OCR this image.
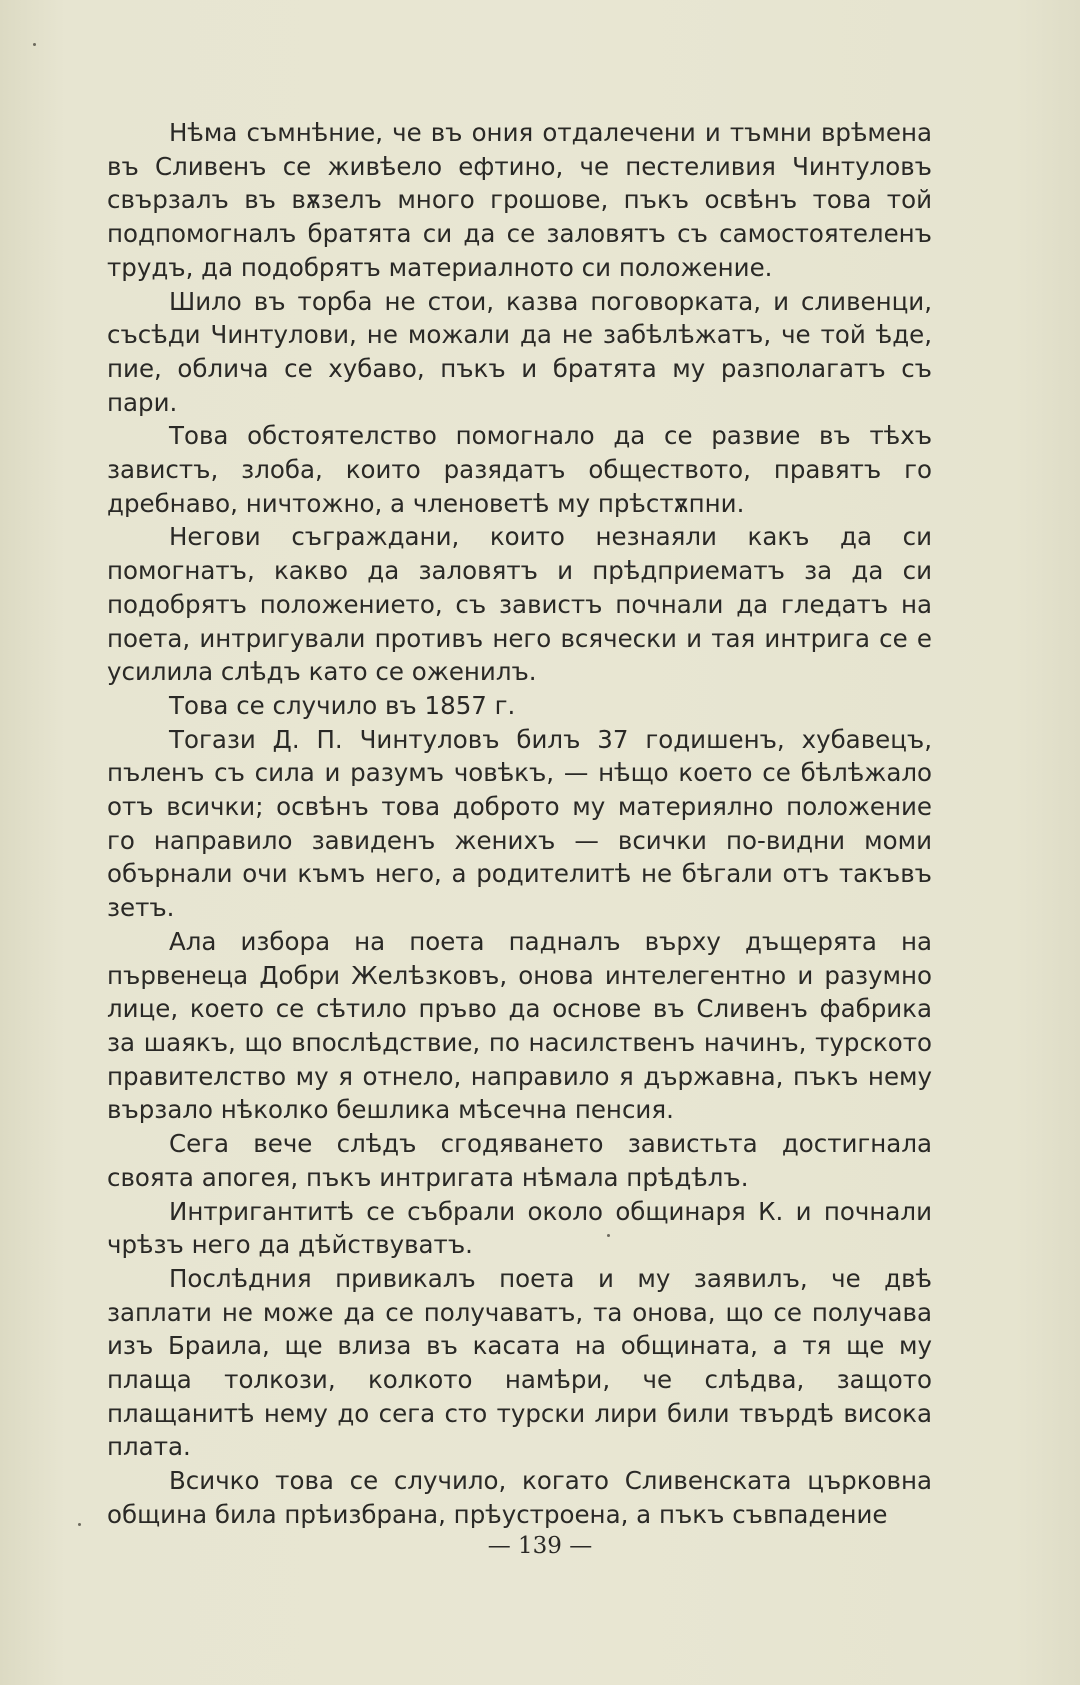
Нѣма съмнѣние, че въ ония отдалечени и тъмни врѣмена въ Сливенъ се живѣело ефтино, че пестеливия Чинтуловъ свързалъ въ вѫзелъ много грошове, пъкъ освѣнъ това той подпомогналъ братята си да се заловятъ съ самостоятеленъ трудъ, да подобрятъ материалното си положение.

Шило въ торба не стои, казва поговорката, и сливенци, съсѣди Чинтулови, не можали да не забѣлѣжатъ, че той ѣде, пие, облича се хубаво, пъкъ и братята му разполагатъ съ пари.

Това обстоятелство помогнало да се развие въ тѣхъ завистъ, злоба, които разядатъ обществото, правятъ го дребнаво, ничтожно, а членоветѣ му прѣстѫпни.

Негови съграждани, които незнаяли какъ да си помогнатъ, какво да заловятъ и прѣдприематъ за да си подобрятъ положението, съ завистъ почнали да гледатъ на поета, интригували противъ него всячески и тая интрига се е усилила слѣдъ като се оженилъ.

Това се случило въ 1857 г.

Тогази Д. П. Чинтуловъ билъ 37 годишенъ, хубавецъ, пъленъ съ сила и разумъ човѣкъ, — нѣщо което се бѣлѣжало отъ всички; освѣнъ това доброто му материялно положение го направило завиденъ женихъ — всички по-видни моми обърнали очи къмъ него, а родителитѣ не бѣгали отъ такъвъ зетъ.

Ала избора на поета падналъ върху дъщерята на първенеца Добри Желѣзковъ, онова интелегентно и разумно лице, което се сѣтило пръво да основе въ Сливенъ фабрика за шаякъ, що впослѣдствие, по насилственъ начинъ, турското правителство му я отнело, направило я държавна, пъкъ нему вързало нѣколко бешлика мѣсечна пенсия.

Сега вече слѣдъ сгодяването завистьта достигнала своята апогея, пъкъ интригата нѣмала прѣдѣлъ.

Интригантитѣ се събрали около общинаря К. и почнали чрѣзъ него да дѣйствуватъ.

Послѣдния привикалъ поета и му заявилъ, че двѣ заплати не може да се получаватъ, та онова, що се получава изъ Браила, ще влиза въ касата на общината, а тя ще му плаща толкози, колкото намѣри, че слѣдва, защото плащанитѣ нему до сега сто турски лири били твърдѣ висока плата.

Всичко това се случило, когато Сливенската църковна община била прѣизбрана, прѣустроена, а пъкъ съвпадение

— 139 —
